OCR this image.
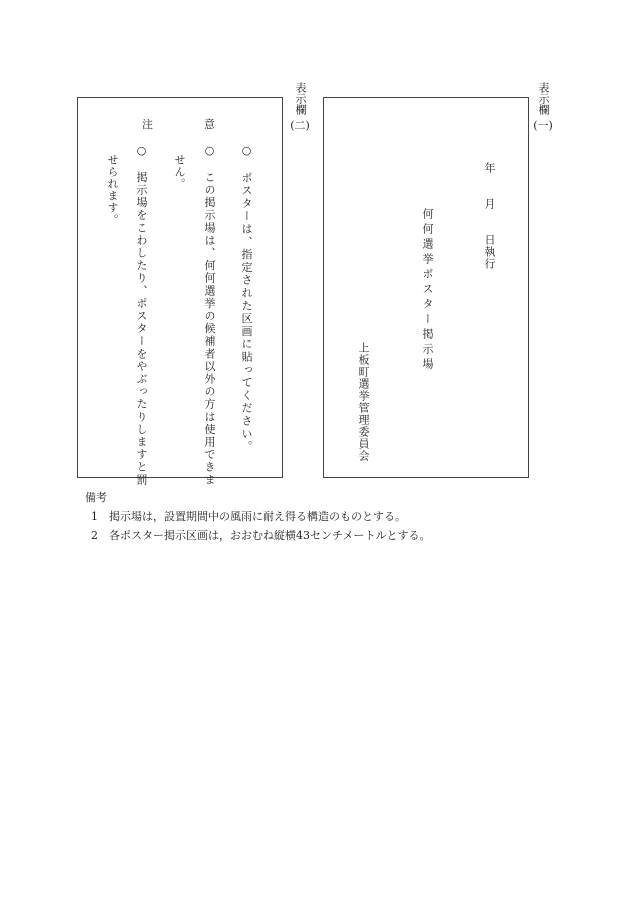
表示欄
(一)
表示欄
(二)
年
月
日執行
何何選挙ポスター掲示場
上板町選挙管理委員会
注	意
○　ポスターは、指定された区画に貼ってください。
○　この掲示場は、何何選挙の候補者以外の方は使用できま
せん。
○　掲示場をこわしたり、ポスターをやぶったりしますと罰
せられます。
備考
1 掲示場は，設置期間中の風雨に耐え得る構造のものとする。
2 各ポスター掲示区画は，おおむね縦横43センチメートルとする。
